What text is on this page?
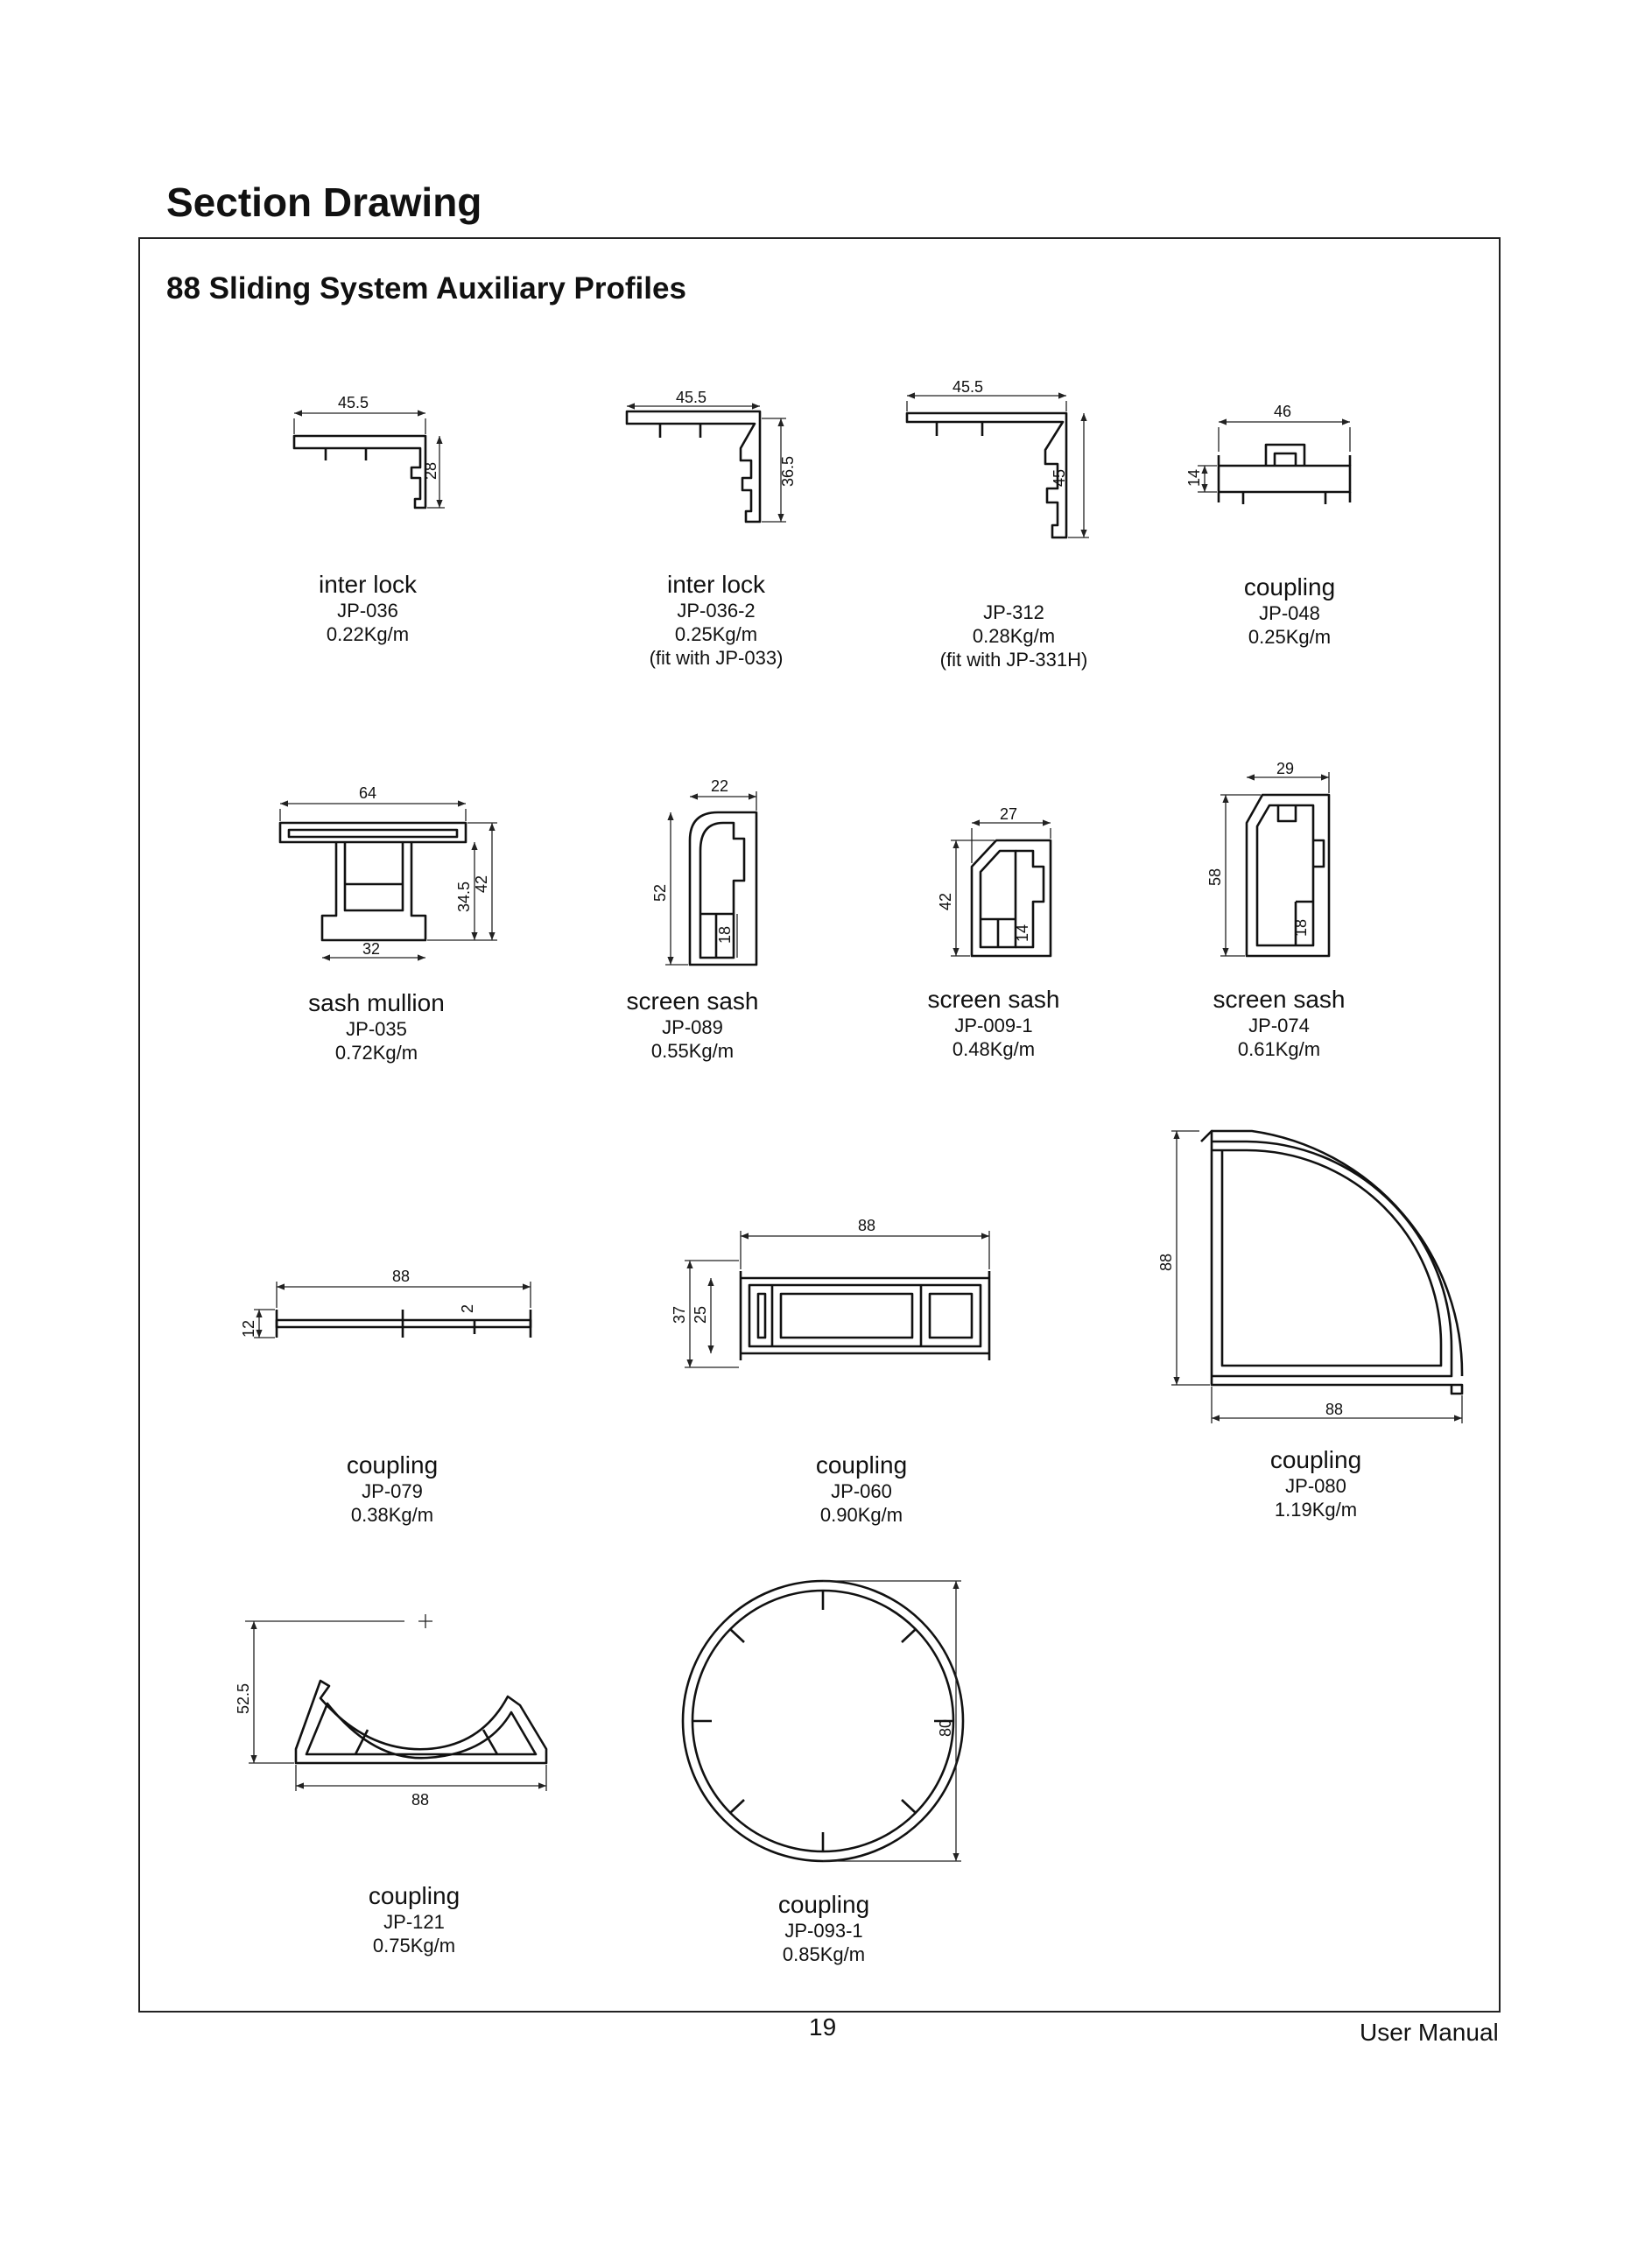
Section Drawing
88 Sliding System Auxiliary Profiles
45.5
28
45.5
36.5
45.5
45
46
14
64
34.5 42
32
22
52
18
27
42
14
29
58
18
88
2
12
88
37 25
88
88
52.5
88
80
inter lock
JP-036
0.22Kg/m
inter lock
JP-036-2
0.25Kg/m
(fit with JP-033)
JP-312
0.28Kg/m
(fit with JP-331H)
coupling
JP-048
0.25Kg/m
sash mullion
JP-035
0.72Kg/m
screen sash
JP-089
0.55Kg/m
screen sash
JP-009-1
0.48Kg/m
screen sash
JP-074
0.61Kg/m
coupling
JP-079
0.38Kg/m
coupling
JP-060
0.90Kg/m
coupling
JP-080
1.19Kg/m
coupling
JP-121
0.75Kg/m
coupling
JP-093-1
0.85Kg/m
19	User Manual
